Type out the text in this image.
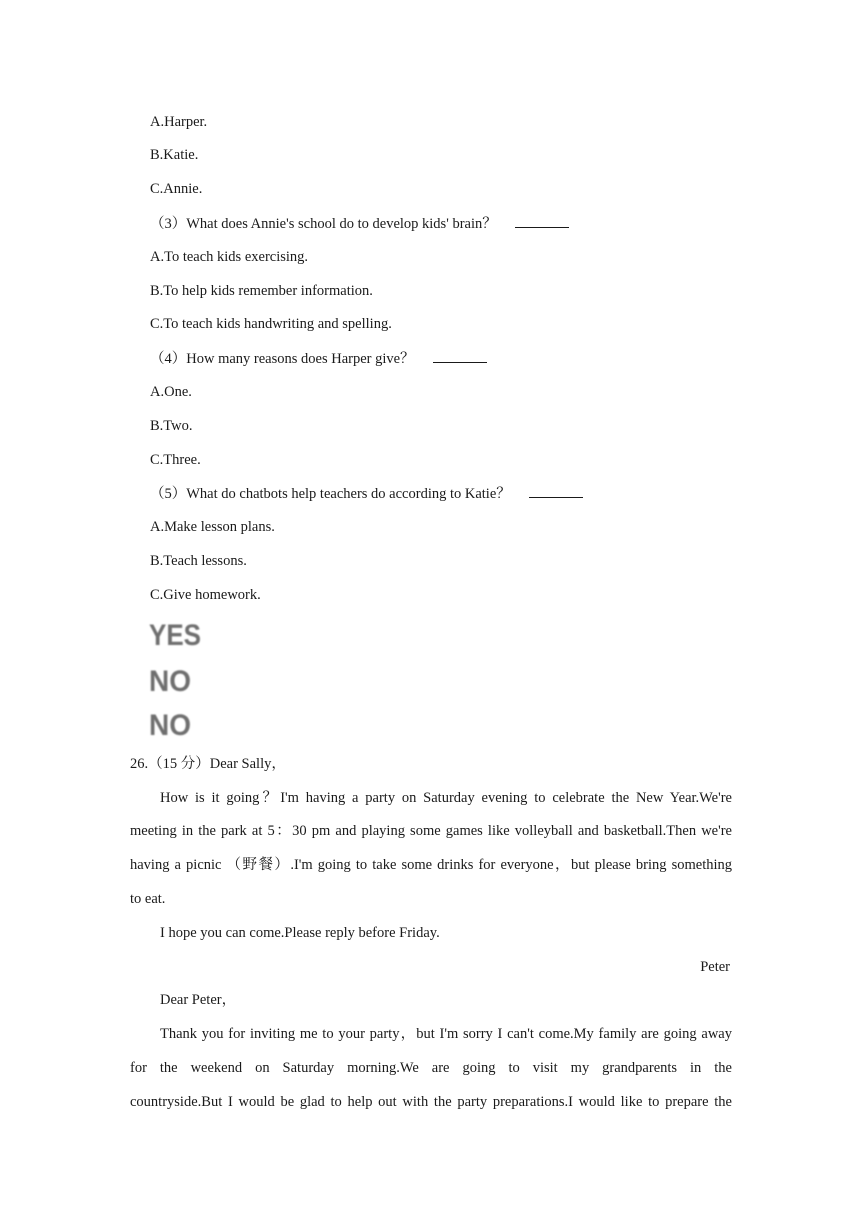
A.Harper.
B.Katie.
C.Annie.
（3）What does Annie's school do to develop kids' brain？
A.To teach kids exercising.
B.To help kids remember information.
C.To teach kids handwriting and spelling.
（4）How many reasons does Harper give？
A.One.
B.Two.
C.Three.
（5）What do chatbots help teachers do according to Katie？
A.Make lesson plans.
B.Teach lessons.
C.Give homework.
YES
NO
NO
26.（15 分）Dear Sally，
How is it going？I'm having a party on Saturday evening to celebrate the New Year.We're
meeting in the park at 5：30 pm and playing some games like volleyball and basketball.Then we're
having a picnic （野餐）.I'm going to take some drinks for everyone，but please bring something
to eat.
I hope you can come.Please reply before Friday.
Peter
Dear Peter，
Thank you for inviting me to your party，but I'm sorry I can't come.My family are going away
for the weekend on Saturday morning.We are going to visit my grandparents in the
countryside.But I would be glad to help out with the party preparations.I would like to prepare the
